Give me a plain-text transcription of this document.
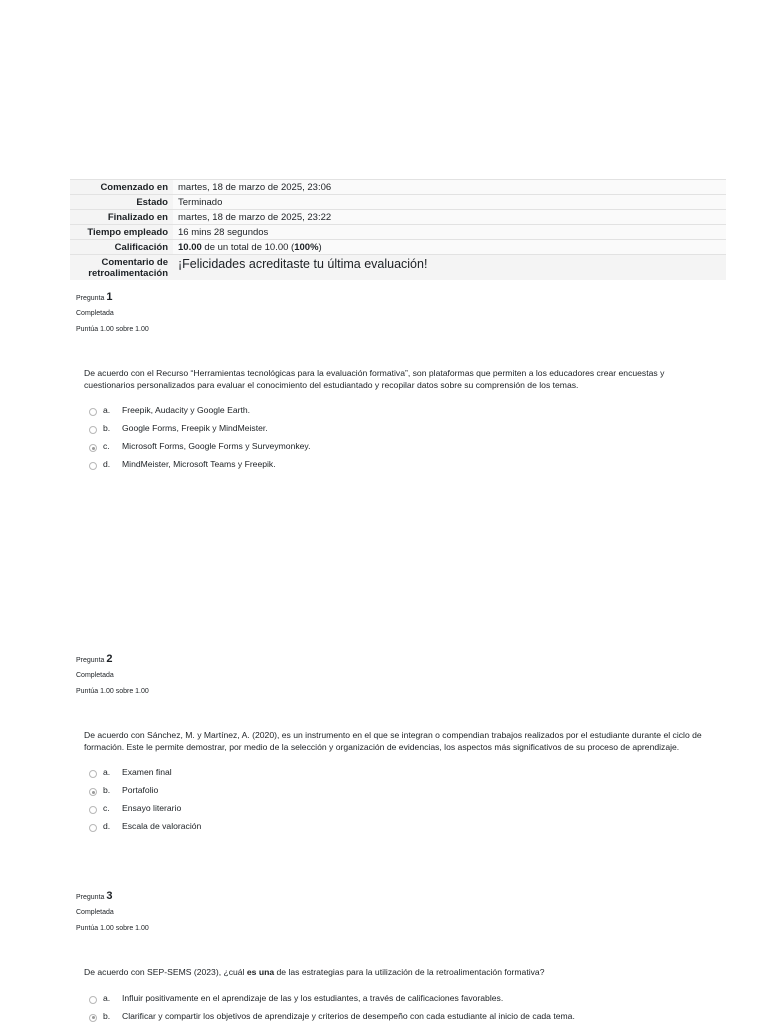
Comenzado en	martes, 18 de marzo de 2025, 23:06
Estado	Terminado
Finalizado en	martes, 18 de marzo de 2025, 23:22
Tiempo empleado	16 mins 28 segundos
Calificación	10.00 de un total de 10.00 (100%)
Comentario de retroalimentación	¡Felicidades acreditaste tu última evaluación!
Pregunta 1
Completada
Puntúa 1.00 sobre 1.00
De acuerdo con el Recurso “Herramientas tecnológicas para la evaluación formativa”, son plataformas que permiten a los educadores crear encuestas y cuestionarios personalizados para evaluar el conocimiento del estudiantado y recopilar datos sobre su comprensión de los temas.
a.	Freepik, Audacity y Google Earth.
b.	Google Forms, Freepik y MindMeister.
c.	Microsoft Forms, Google Forms y Surveymonkey.
d.	MindMeister, Microsoft Teams y Freepik.
Pregunta 2
Completada
Puntúa 1.00 sobre 1.00
De acuerdo con Sánchez, M. y Martínez, A. (2020), es un instrumento en el que se integran o compendian trabajos realizados por el estudiante durante el ciclo de formación. Este le permite demostrar, por medio de la selección y organización de evidencias, los aspectos más significativos de su proceso de aprendizaje.
a.	Examen final
b.	Portafolio
c.	Ensayo literario
d.	Escala de valoración
Pregunta 3
Completada
Puntúa 1.00 sobre 1.00
De acuerdo con SEP-SEMS (2023), ¿cuál es una de las estrategias para la utilización de la retroalimentación formativa?
a.	Influir positivamente en el aprendizaje de las y los estudiantes, a través de calificaciones favorables.
b.	Clarificar y compartir los objetivos de aprendizaje y criterios de desempeño con cada estudiante al inicio de cada tema.
